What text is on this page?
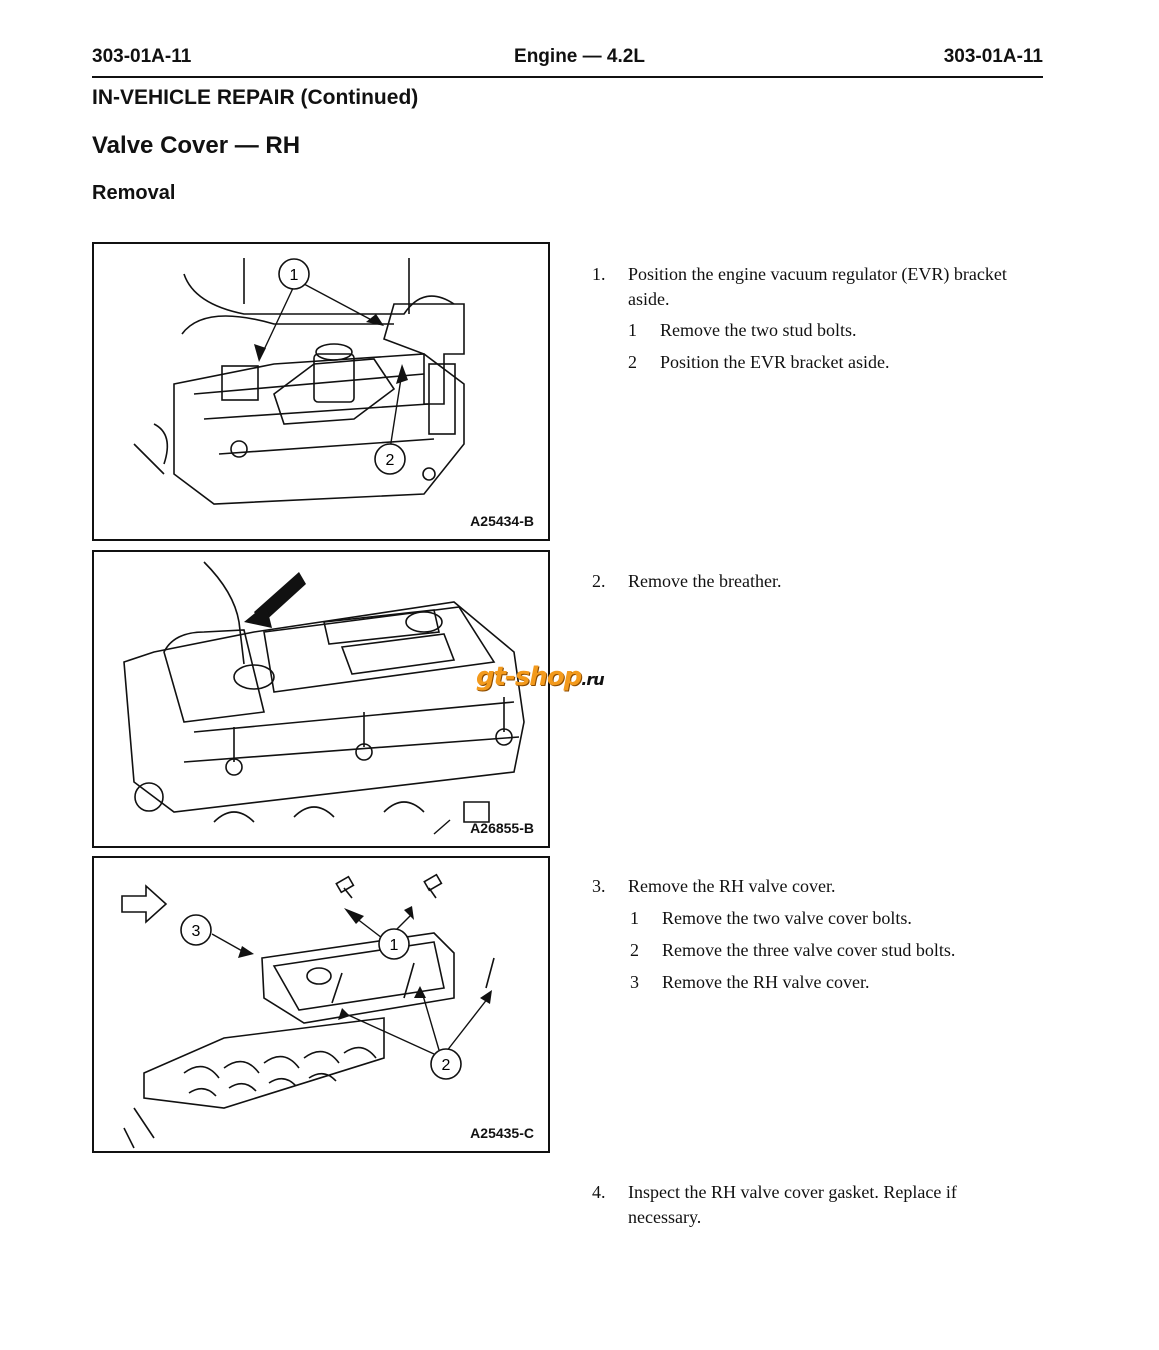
303-01A-11	Engine — 4.2L	303-01A-11
IN-VEHICLE REPAIR (Continued)
Valve Cover — RH
Removal
1
2
A25434-B
A26855-B
3
1
2
A25435-C
gt-shop.ru
1. Position the engine vacuum regulator (EVR) bracket aside.
1 Remove the two stud bolts.
2 Position the EVR bracket aside.
2. Remove the breather.
3. Remove the RH valve cover.
1 Remove the two valve cover bolts.
2 Remove the three valve cover stud bolts.
3 Remove the RH valve cover.
4. Inspect the RH valve cover gasket. Replace if necessary.
